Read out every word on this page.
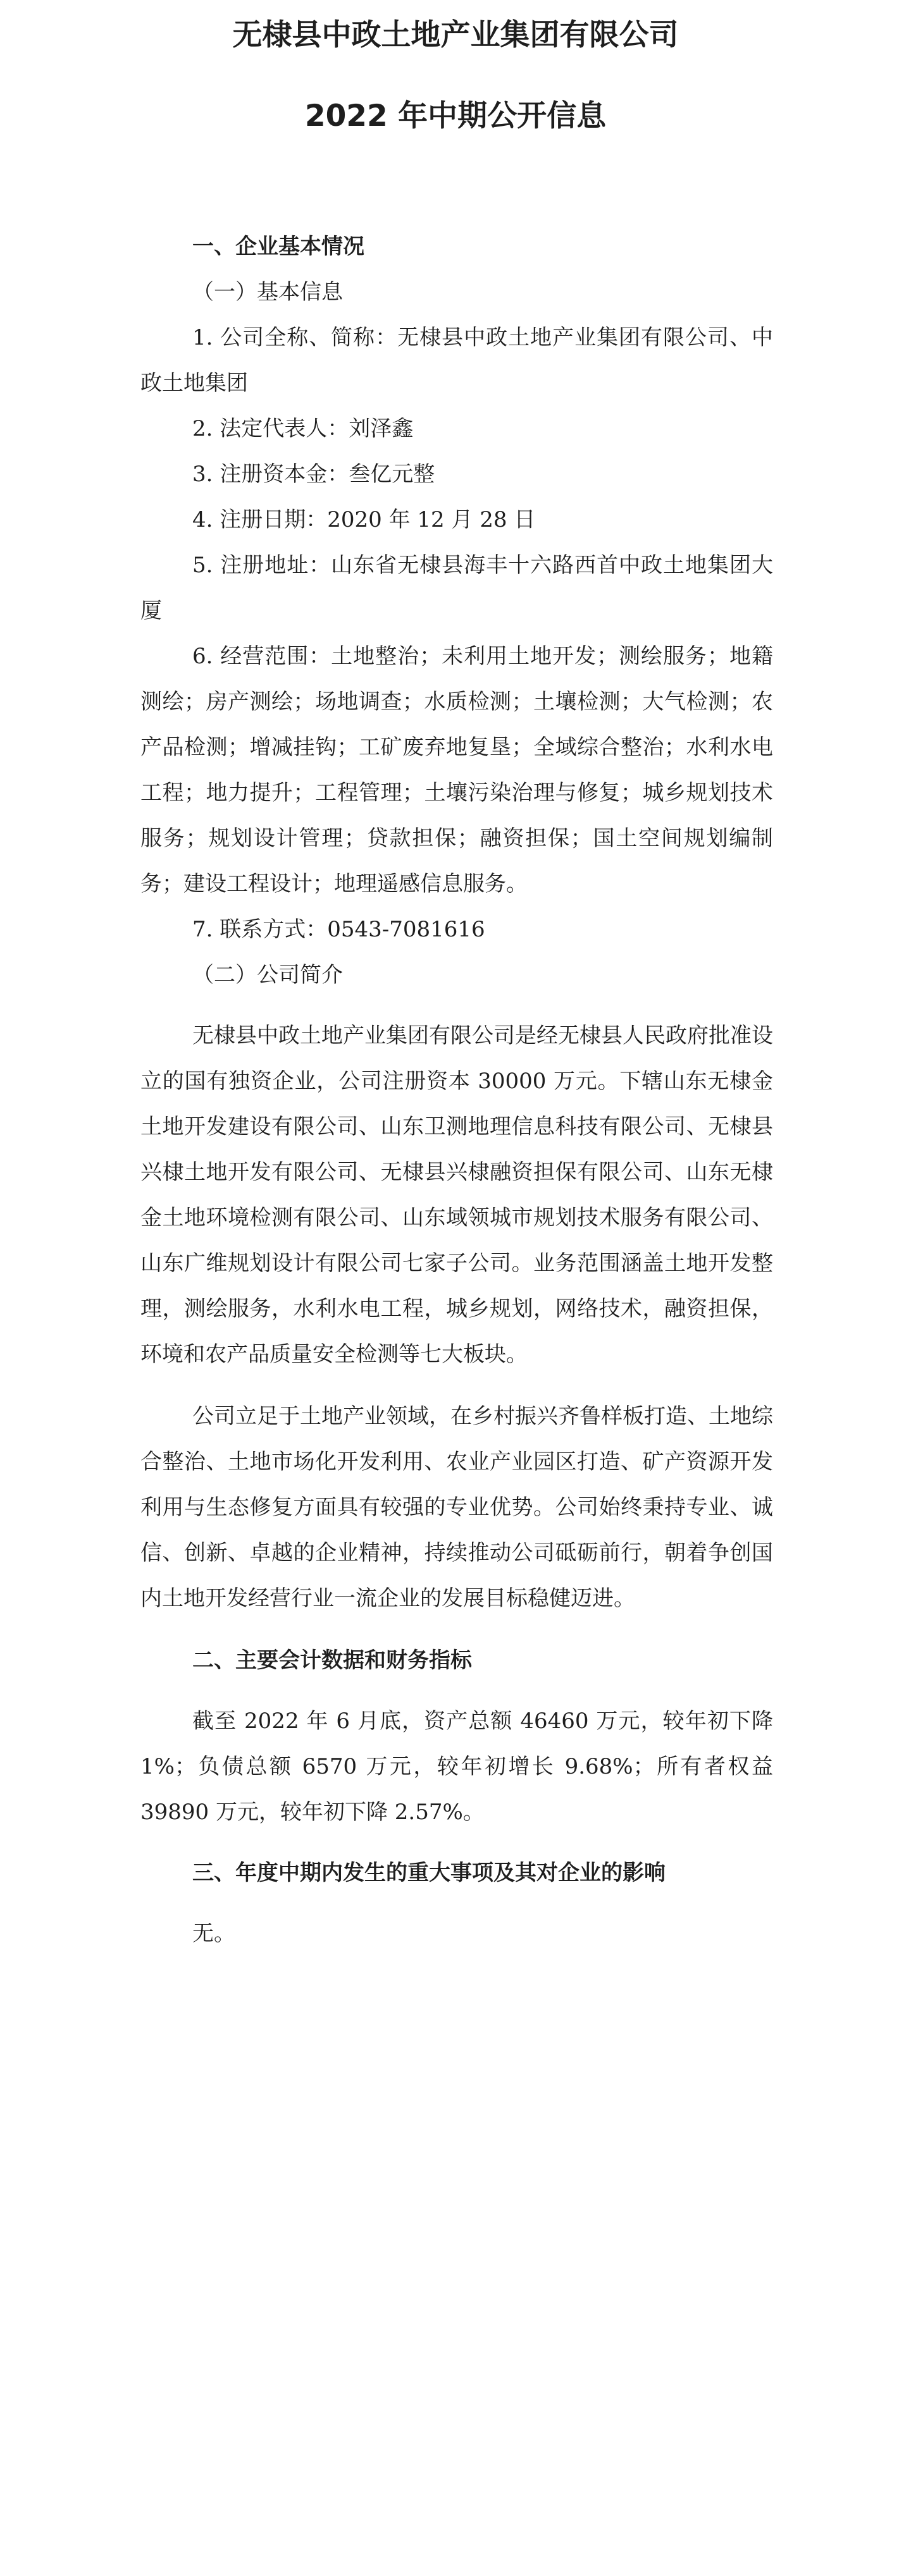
无棣县中政土地产业集团有限公司
2022 年中期公开信息

一、企业基本情况

（一）基本信息

1. 公司全称、简称：无棣县中政土地产业集团有限公司、中政土地集团

2. 法定代表人：刘泽鑫

3. 注册资本金：叁亿元整

4. 注册日期：2020 年 12 月 28 日

5. 注册地址：山东省无棣县海丰十六路西首中政土地集团大厦

6. 经营范围：土地整治；未利用土地开发；测绘服务；地籍测绘；房产测绘；场地调查；水质检测；土壤检测；大气检测；农产品检测；增减挂钩；工矿废弃地复垦；全域综合整治；水利水电工程；地力提升；工程管理；土壤污染治理与修复；城乡规划技术服务；规划设计管理；贷款担保；融资担保；国土空间规划编制务；建设工程设计；地理遥感信息服务。

7. 联系方式：0543-7081616

（二）公司简介

无棣县中政土地产业集团有限公司是经无棣县人民政府批准设立的国有独资企业，公司注册资本 30000 万元。下辖山东无棣金土地开发建设有限公司、山东卫测地理信息科技有限公司、无棣县兴棣土地开发有限公司、无棣县兴棣融资担保有限公司、山东无棣金土地环境检测有限公司、山东域领城市规划技术服务有限公司、山东广维规划设计有限公司七家子公司。业务范围涵盖土地开发整理，测绘服务，水利水电工程，城乡规划，网络技术，融资担保，环境和农产品质量安全检测等七大板块。

公司立足于土地产业领域，在乡村振兴齐鲁样板打造、土地综合整治、土地市场化开发利用、农业产业园区打造、矿产资源开发利用与生态修复方面具有较强的专业优势。公司始终秉持专业、诚信、创新、卓越的企业精神，持续推动公司砥砺前行，朝着争创国内土地开发经营行业一流企业的发展目标稳健迈进。

二、主要会计数据和财务指标

截至 2022 年 6 月底，资产总额 46460 万元，较年初下降 1%；负债总额 6570 万元，较年初增长 9.68%；所有者权益 39890 万元，较年初下降 2.57%。

三、年度中期内发生的重大事项及其对企业的影响

无。
